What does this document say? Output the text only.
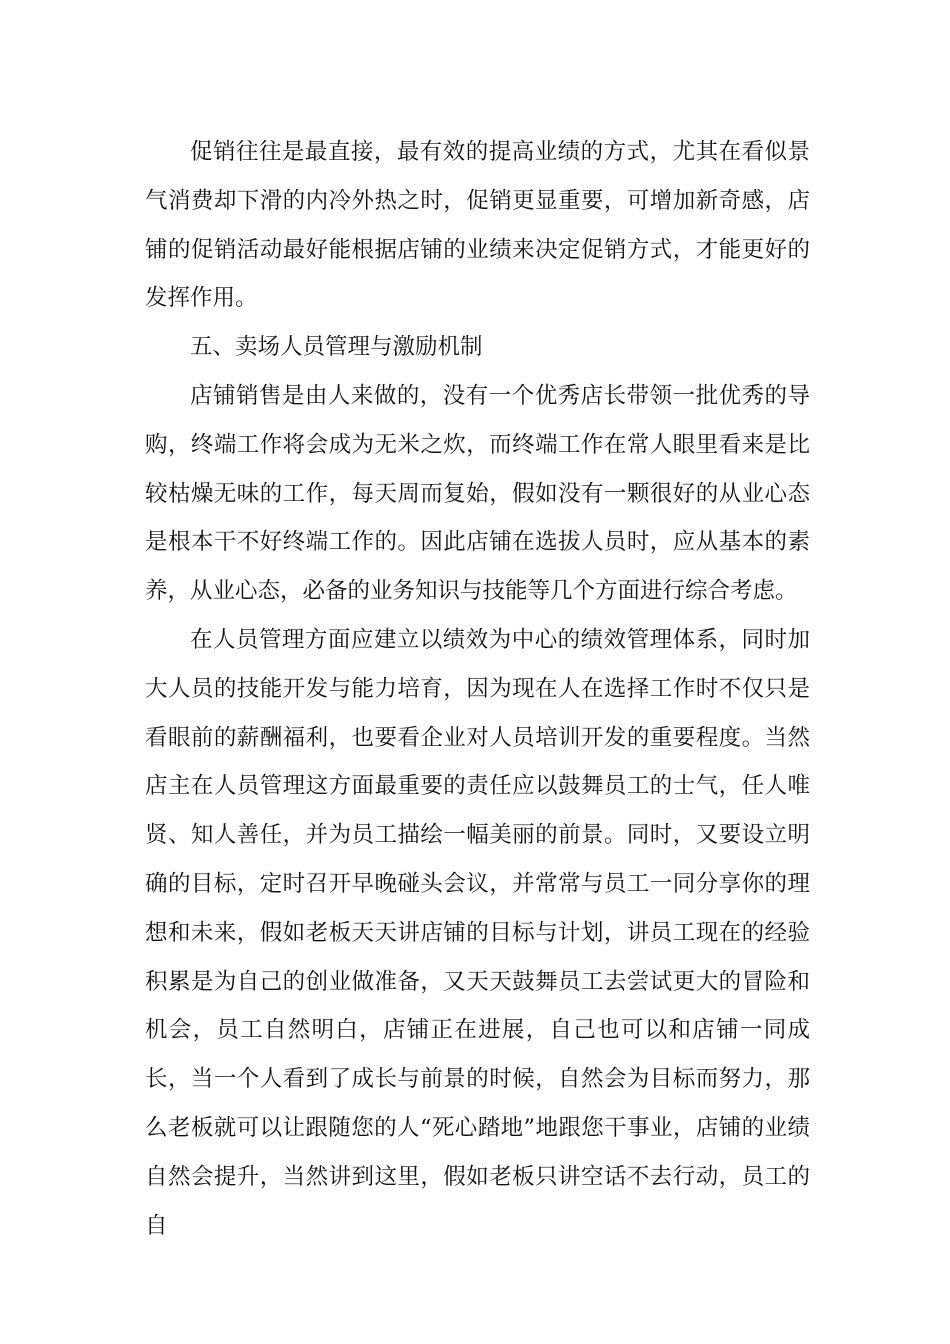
促销往往是最直接，最有效的提高业绩的方式，尤其在看似景气消费却下滑的内冷外热之时，促销更显重要，可增加新奇感，店铺的促销活动最好能根据店铺的业绩来决定促销方式，才能更好的发挥作用。

五、卖场人员管理与激励机制

店铺销售是由人来做的，没有一个优秀店长带领一批优秀的导购，终端工作将会成为无米之炊，而终端工作在常人眼里看来是比较枯燥无味的工作，每天周而复始，假如没有一颗很好的从业心态是根本干不好终端工作的。因此店铺在选拔人员时，应从基本的素养，从业心态，必备的业务知识与技能等几个方面进行综合考虑。

在人员管理方面应建立以绩效为中心的绩效管理体系，同时加大人员的技能开发与能力培育，因为现在人在选择工作时不仅只是看眼前的薪酬福利，也要看企业对人员培训开发的重要程度。当然店主在人员管理这方面最重要的责任应以鼓舞员工的士气，任人唯贤、知人善任，并为员工描绘一幅美丽的前景。同时，又要设立明确的目标，定时召开早晚碰头会议，并常常与员工一同分享你的理想和未来，假如老板天天讲店铺的目标与计划，讲员工现在的经验积累是为自己的创业做准备，又天天鼓舞员工去尝试更大的冒险和机会，员工自然明白，店铺正在进展，自己也可以和店铺一同成长，当一个人看到了成长与前景的时候，自然会为目标而努力，那么老板就可以让跟随您的人“死心踏地”地跟您干事业，店铺的业绩自然会提升，当然讲到这里，假如老板只讲空话不去行动，员工的自
